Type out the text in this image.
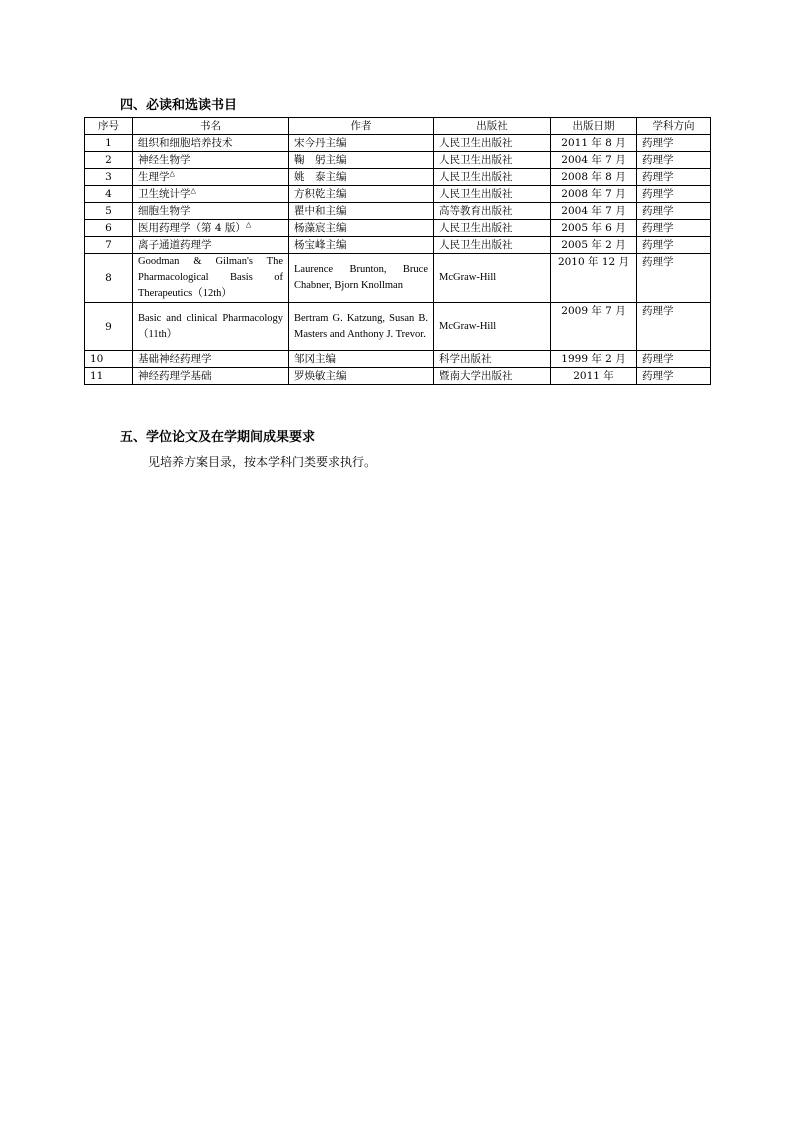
四、必读和选读书目
序号	书名	作者	出版社	出版日期	学科方向
1	组织和细胞培养技术	宋今丹主编	人民卫生出版社	2011 年 8 月	药理学
2	神经生物学	鞠　躬主编	人民卫生出版社	2004 年 7 月	药理学
3	生理学△	姚　泰主编	人民卫生出版社	2008 年 8 月	药理学
4	卫生统计学△	方积乾主编	人民卫生出版社	2008 年 7 月	药理学
5	细胞生物学	瞿中和主编	高等教育出版社	2004 年 7 月	药理学
6	医用药理学（第 4 版）△	杨藻宸主编	人民卫生出版社	2005 年 6 月	药理学
7	离子通道药理学	杨宝峰主编	人民卫生出版社	2005 年 2 月	药理学
8	Goodman & Gilman's The Pharmacological Basis of Therapeutics（12th）	Laurence Brunton, Bruce Chabner, Bjorn Knollman	McGraw-Hill	2010 年 12 月	药理学
9	Basic and clinical Pharmacology（11th）	Bertram G. Katzung, Susan B. Masters and Anthony J. Trevor.	McGraw-Hill	2009 年 7 月	药理学
10	基础神经药理学	邹冈主编	科学出版社	1999 年 2 月	药理学
11	神经药理学基础	罗焕敏主编	暨南大学出版社	2011 年	药理学
五、学位论文及在学期间成果要求

见培养方案目录，按本学科门类要求执行。
